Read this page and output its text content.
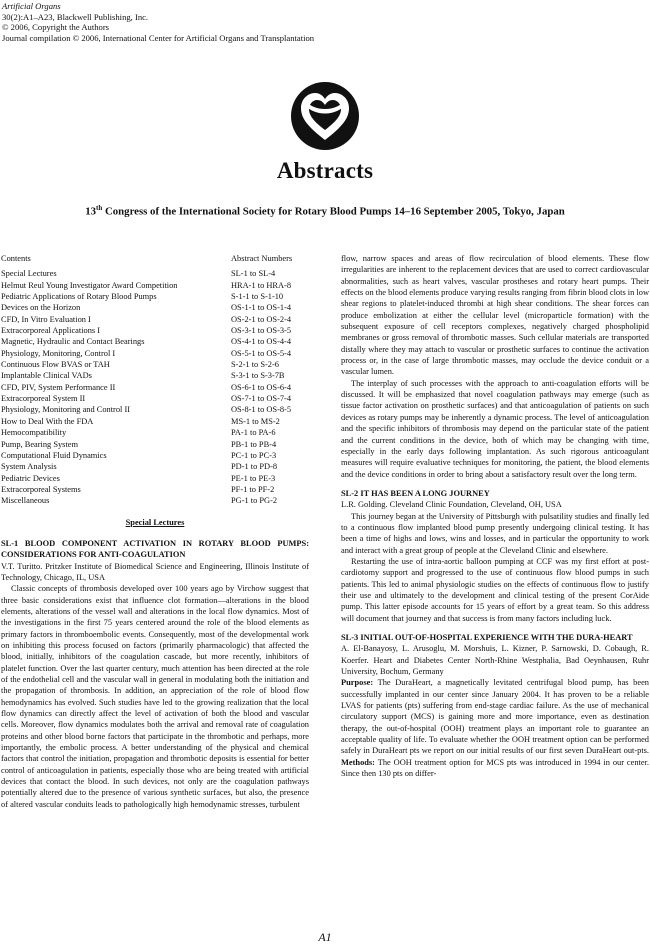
Artificial Organs
30(2):A1–A23, Blackwell Publishing, Inc.
© 2006, Copyright the Authors
Journal compilation © 2006, International Center for Artificial Organs and Transplantation
Abstracts
13th Congress of the International Society for Rotary Blood Pumps 14–16 September 2005, Tokyo, Japan
Contents	Abstract Numbers
Special Lectures	SL-1 to SL-4
Helmut Reul Young Investigator Award Competition	HRA-1 to HRA-8
Pediatric Applications of Rotary Blood Pumps	S-1-1 to S-1-10
Devices on the Horizon	OS-1-1 to OS-1-4
CFD, In Vitro Evaluation I	OS-2-1 to OS-2-4
Extracorporeal Applications I	OS-3-1 to OS-3-5
Magnetic, Hydraulic and Contact Bearings	OS-4-1 to OS-4-4
Physiology, Monitoring, Control I	OS-5-1 to OS-5-4
Continuous Flow BVAS or TAH	S-2-1 to S-2-6
Implantable Clinical VADs	S-3-1 to S-3-7B
CFD, PIV, System Performance II	OS-6-1 to OS-6-4
Extracorporeal System II	OS-7-1 to OS-7-4
Physiology, Monitoring and Control II	OS-8-1 to OS-8-5
How to Deal With the FDA	MS-1 to MS-2
Hemocompatibility	PA-1 to PA-6
Pump, Bearing System	PB-1 to PB-4
Computational Fluid Dynamics	PC-1 to PC-3
System Analysis	PD-1 to PD-8
Pediatric Devices	PE-1 to PE-3
Extracorporeal Systems	PF-1 to PF-2
Miscellaneous	PG-1 to PG-2
Special Lectures
SL-1 BLOOD COMPONENT ACTIVATION IN ROTARY BLOOD PUMPS: CONSIDERATIONS FOR ANTI-COAGULATION
V.T. Turitto. Pritzker Institute of Biomedical Science and Engineering, Illinois Institute of Technology, Chicago, IL, USA

Classic concepts of thrombosis developed over 100 years ago by Virchow suggest that three basic considerations exist that influence clot formation—alterations in the blood elements, alterations of the vessel wall and alterations in the local flow dynamics. Most of the investigations in the first 75 years centered around the role of the blood elements as primary factors in thromboembolic events. Consequently, most of the developmental work on inhibiting this process focused on factors (primarily pharmacologic) that affected the blood, initially, inhibitors of the coagulation cascade, but more recently, inhibitors of platelet function. Over the last quarter century, much attention has been directed at the role of the endothelial cell and the vascular wall in general in modulating both the initiation and the propagation of thrombosis. In addition, an appreciation of the role of blood flow hemodynamics has evolved. Such studies have led to the growing realization that the local flow dynamics can directly affect the level of activation of both the blood and vascular cells. Moreover, flow dynamics modulates both the arrival and removal rate of coagulation proteins and other blood borne factors that participate in the thrombotic and perhaps, more importantly, the embolic process. A better understanding of the physical and chemical factors that control the initiation, propagation and thrombotic deposits is essential for better control of anticoagulation in patients, especially those who are being treated with artificial devices that contact the blood. In such devices, not only are the coagulation pathways potentially altered due to the presence of various synthetic surfaces, but also, the presence of altered vascular conduits leads to pathologically high hemodynamic stresses, turbulent

flow, narrow spaces and areas of flow recirculation of blood elements. These flow irregularities are inherent to the replacement devices that are used to correct cardiovascular abnormalities, such as heart valves, vascular prostheses and rotary heart pumps. Their effects on the blood elements produce varying results ranging from fibrin blood clots in low shear regions to platelet-induced thrombi at high shear conditions. The shear forces can produce embolization at either the cellular level (microparticle formation) with the subsequent exposure of cell receptors complexes, negatively charged phospholipid membranes or gross removal of thrombotic masses. Such cellular materials are transported distally where they may attach to vascular or prosthetic surfaces to continue the activation process or, in the case of large thrombotic masses, may occlude the device conduit or a vascular lumen.

The interplay of such processes with the approach to anti-coagulation efforts will be discussed. It will be emphasized that novel coagulation pathways may emerge (such as tissue factor activation on prosthetic surfaces) and that anticoagulation of patients on such devices as rotary pumps may be inherently a dynamic process. The level of anticoagulation and the specific inhibitors of thrombosis may depend on the particular state of the patient and the current conditions in the device, both of which may be changing with time, especially in the early days following implantation. As such rigorous anticoagulant measures will require evaluative techniques for monitoring, the patient, the blood elements and the device conditions in order to bring about a satisfactory result over the long term.

SL-2 IT HAS BEEN A LONG JOURNEY
L.R. Golding. Cleveland Clinic Foundation, Cleveland, OH, USA

This journey began at the University of Pittsburgh with pulsatility studies and finally led to a continuous flow implanted blood pump presently undergoing clinical testing. It has been a time of highs and lows, wins and losses, and in particular the opportunity to work and interact with a great group of people at the Cleveland Clinic and elsewhere.

Restarting the use of intra-aortic balloon pumping at CCF was my first effort at post-cardiotomy support and progressed to the use of continuous flow blood pumps in such patients. This led to animal physiologic studies on the effects of continuous flow to justify their use and ultimately to the development and clinical testing of the present CorAide pump. This latter episode accounts for 15 years of effort by a great team. So this address will document that journey and that success is from many factors including luck.

SL-3 INITIAL OUT-OF-HOSPITAL EXPERIENCE WITH THE DURA-HEART
A. El-Banayosy, L. Arusoglu, M. Morshuis, L. Kizner, P. Sarnowski, D. Cobaugh, R. Koerfer. Heart and Diabetes Center North-Rhine Westphalia, Bad Oeynhausen, Ruhr University, Bochum, Germany

Purpose: The DuraHeart, a magnetically levitated centrifugal blood pump, has been successfully implanted in our center since January 2004. It has proven to be a reliable LVAS for patients (pts) suffering from end-stage cardiac failure. As the use of mechanical circulatory support (MCS) is gaining more and more importance, even as destination therapy, the out-of-hospital (OOH) treatment plays an important role to guarantee an acceptable quality of life. To evaluate whether the OOH treatment option can be performed safely in DuraHeart pts we report on our initial results of our first seven DuraHeart out-pts. Methods: The OOH treatment option for MCS pts was introduced in 1994 in our center. Since then 130 pts on differ-

A1
